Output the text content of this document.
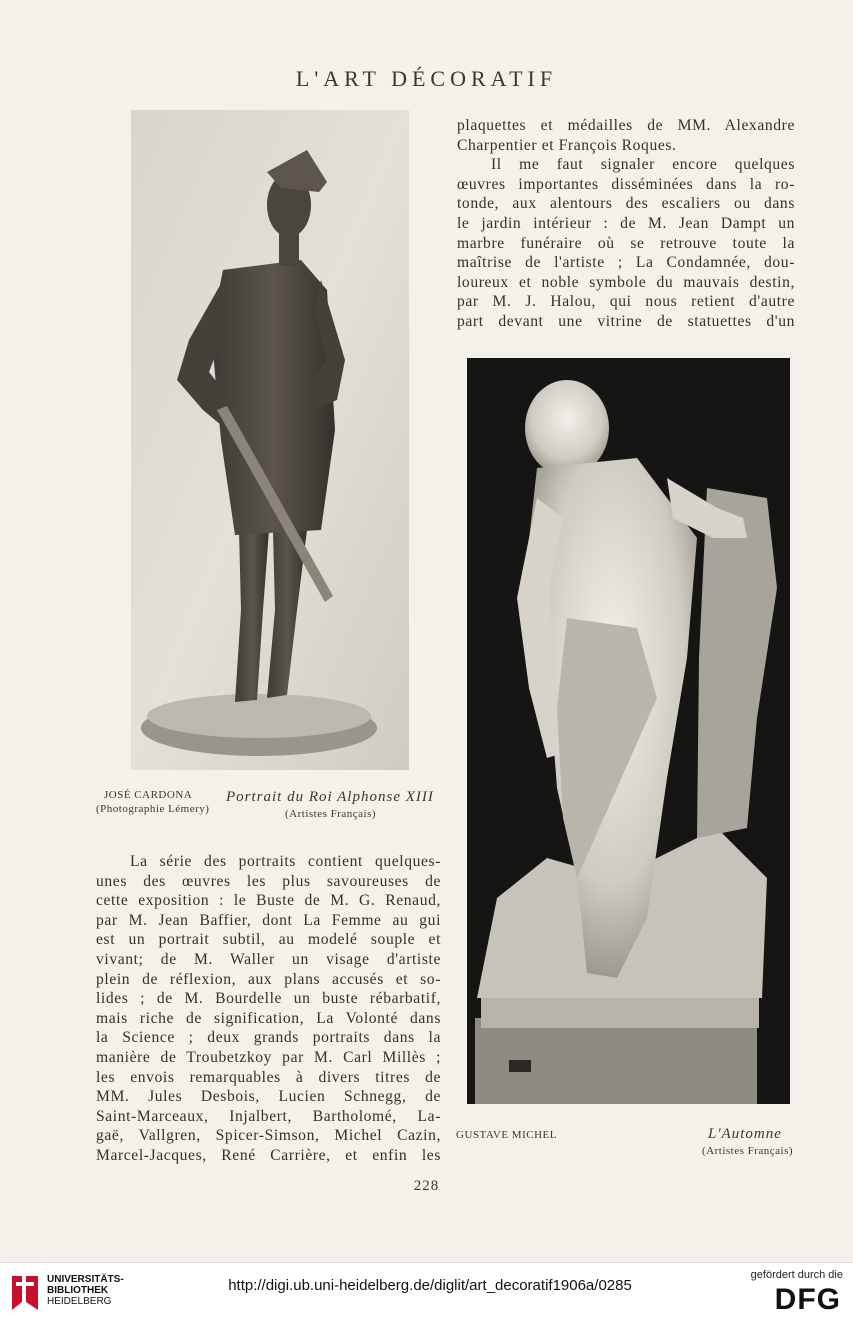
L'ART DÉCORATIF
JOSÉ CARDONA
(Photographie Lémery)
Portrait du Roi Alphonse XIII
(Artistes Français)
plaquettes et médailles de MM. Alexandre
Charpentier et François Roques.
Il me faut signaler encore quelques
œuvres importantes disséminées dans la ro-
tonde, aux alentours des escaliers ou dans
le jardin intérieur : de M. Jean Dampt un
marbre funéraire où se retrouve toute la
maîtrise de l'artiste ; La Condamnée, dou-
loureux et noble symbole du mauvais destin,
par M. J. Halou, qui nous retient d'autre
part devant une vitrine de statuettes d'un
GUSTAVE MICHEL	L'Automne
(Artistes Français)
La série des portraits contient quelques-
unes des œuvres les plus savoureuses de
cette exposition : le Buste de M. G. Renaud,
par M. Jean Baffier, dont La Femme au gui
est un portrait subtil, au modelé souple et
vivant; de M. Waller un visage d'artiste
plein de réflexion, aux plans accusés et so-
lides ; de M. Bourdelle un buste rébarbatif,
mais riche de signification, La Volonté dans
la Science ; deux grands portraits dans la
manière de Troubetzkoy par M. Carl Millès ;
les envois remarquables à divers titres de
MM. Jules Desbois, Lucien Schnegg, de
Saint-Marceaux, Injalbert, Bartholomé, La-
gaë, Vallgren, Spicer-Simson, Michel Cazin,
Marcel-Jacques, René Carrière, et enfin les
228
UNIVERSITÄTS-
BIBLIOTHEK
HEIDELBERG
http://digi.ub.uni-heidelberg.de/diglit/art_decoratif1906a/0285
gefördert durch die
DFG
